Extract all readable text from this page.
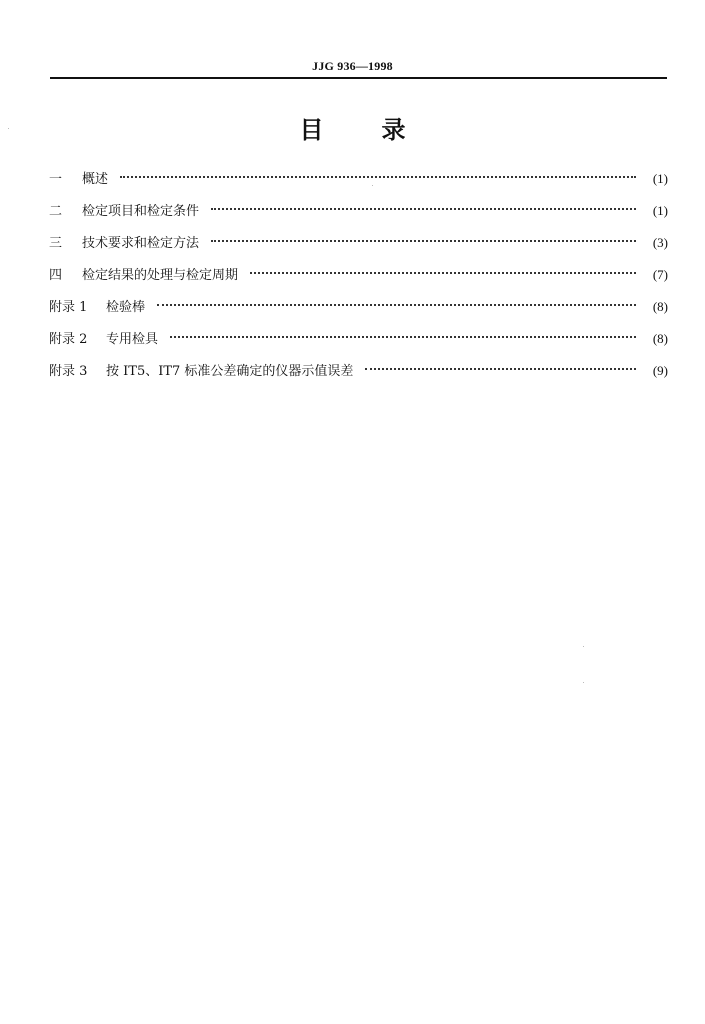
JJG 936—1998
目录
一	概述	(1)
二	检定项目和检定条件	(1)
三	技术要求和检定方法	(3)
四	检定结果的处理与检定周期	(7)
附录 1	检验棒	(8)
附录 2	专用检具	(8)
附录 3	按 IT5、IT7 标准公差确定的仪器示值误差	(9)
